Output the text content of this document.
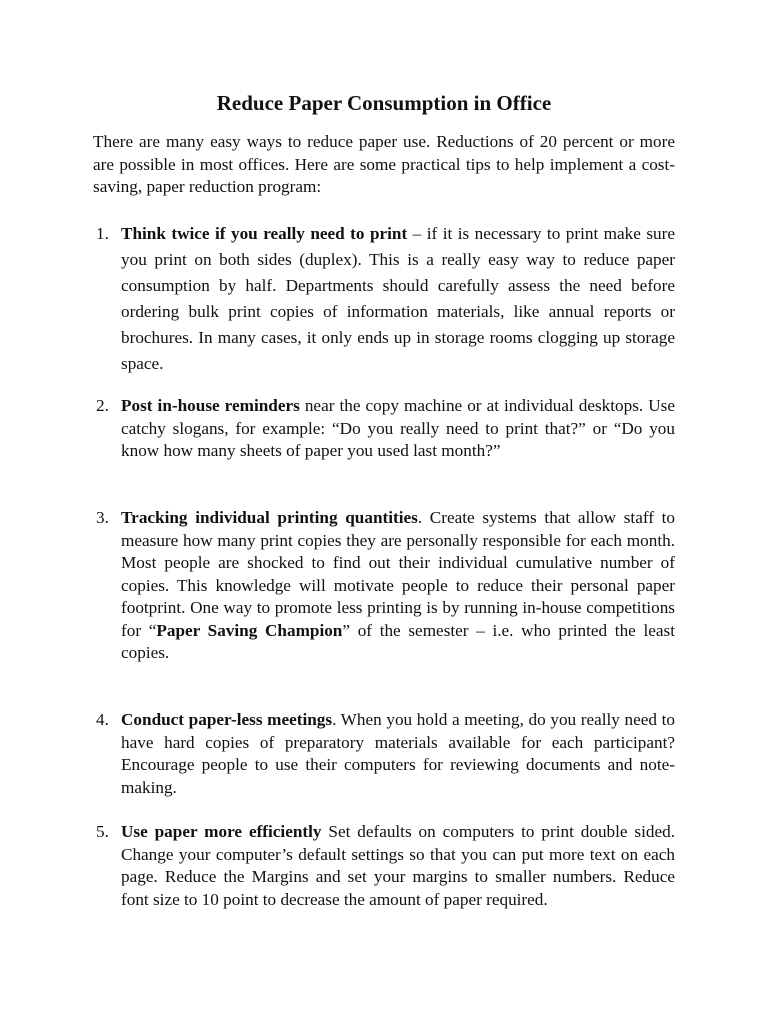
Reduce Paper Consumption in Office

There are many easy ways to reduce paper use. Reductions of 20 percent or more are possible in most offices. Here are some practical tips to help implement a cost-saving, paper reduction program:

1. Think twice if you really need to print – if it is necessary to print make sure you print on both sides (duplex). This is a really easy way to reduce paper consumption by half. Departments should carefully assess the need before ordering bulk print copies of information materials, like annual reports or brochures. In many cases, it only ends up in storage rooms clogging up storage space.
2. Post in-house reminders near the copy machine or at individual desktops. Use catchy slogans, for example: “Do you really need to print that?” or “Do you know how many sheets of paper you used last month?”
3. Tracking individual printing quantities. Create systems that allow staff to measure how many print copies they are personally responsible for each month. Most people are shocked to find out their individual cumulative number of copies. This knowledge will motivate people to reduce their personal paper footprint. One way to promote less printing is by running in-house competitions for “Paper Saving Champion” of the semester – i.e. who printed the least copies.
4. Conduct paper-less meetings. When you hold a meeting, do you really need to have hard copies of preparatory materials available for each participant? Encourage people to use their computers for reviewing documents and note-making.
5. Use paper more efficiently Set defaults on computers to print double sided. Change your computer’s default settings so that you can put more text on each page. Reduce the Margins and set your margins to smaller numbers. Reduce font size to 10 point to decrease the amount of paper required.
